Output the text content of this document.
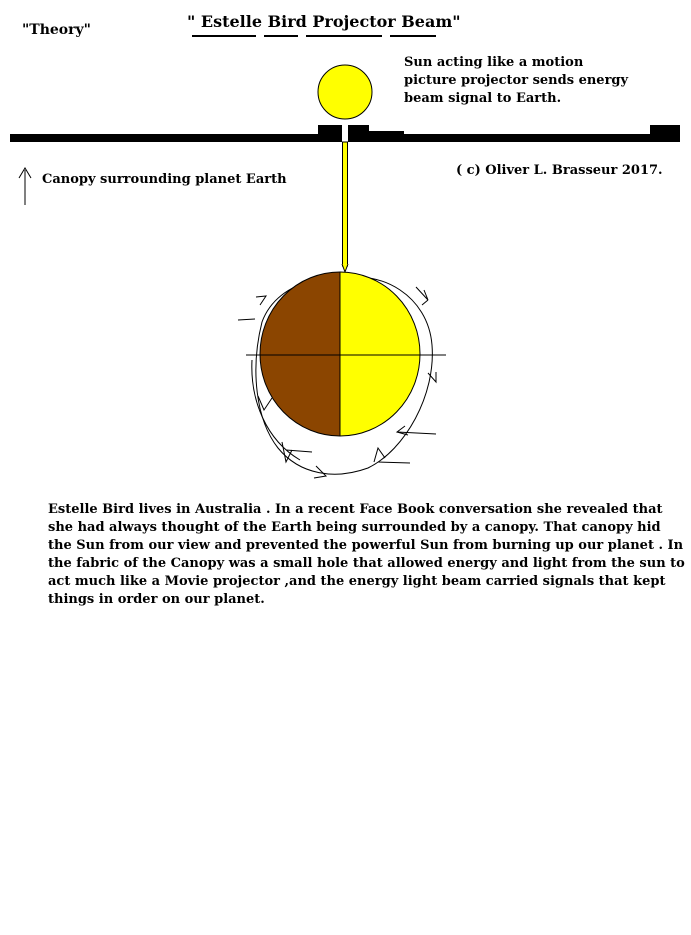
"Theory"	" Estelle Bird Projector Beam"
Sun acting like a motion picture projector sends energy beam signal to Earth.
( c) Oliver L. Brasseur 2017.
Canopy surrounding planet Earth
Estelle Bird lives in Australia . In a recent Face Book conversation she revealed that she had always thought of the Earth being surrounded by a canopy. That canopy hid the Sun from our view and prevented the powerful Sun from burning up our planet . In the fabric of the Canopy was a small hole that allowed energy and light from the sun to act much like a Movie projector ,and the energy light beam carried signals that kept things in order on our planet.
